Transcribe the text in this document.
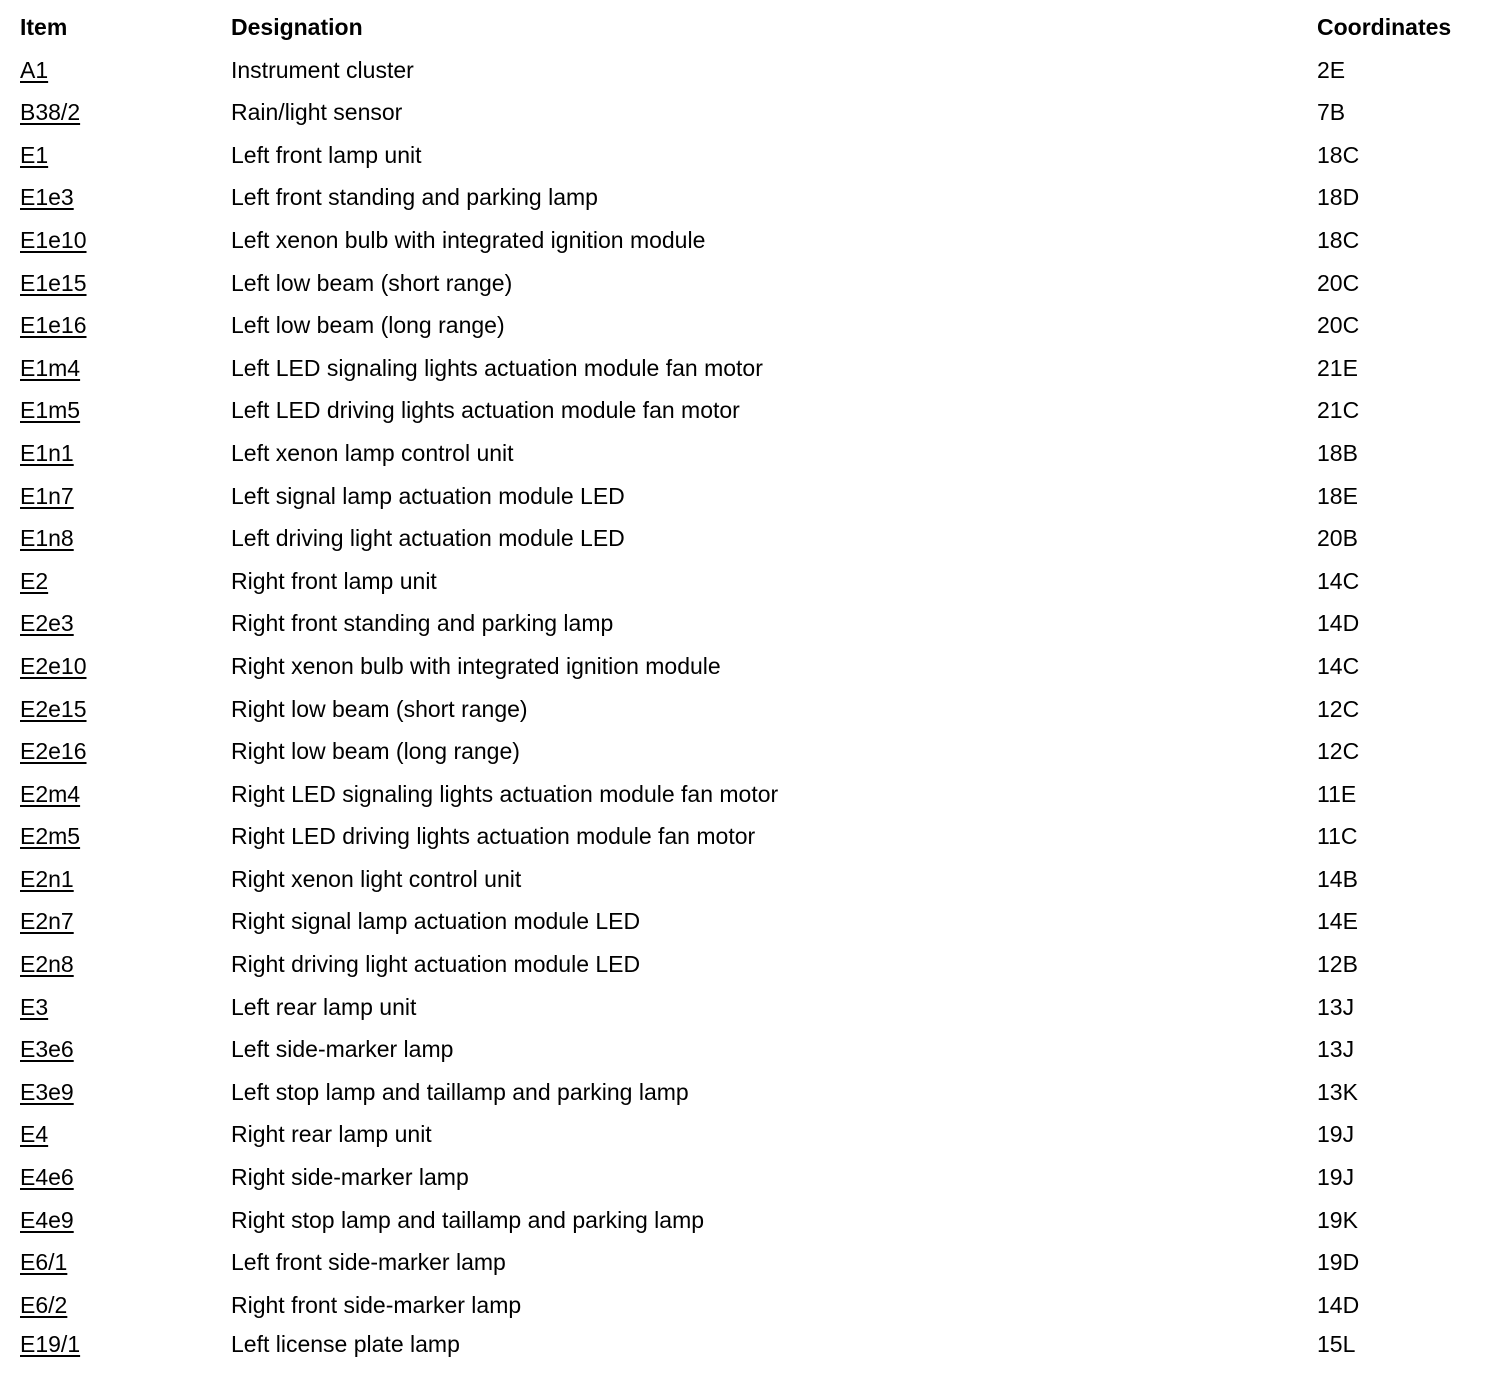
Item	Designation	Coordinates
A1	Instrument cluster	2E
B38/2	Rain/light sensor	7B
E1	Left front lamp unit	18C
E1e3	Left front standing and parking lamp	18D
E1e10	Left xenon bulb with integrated ignition module	18C
E1e15	Left low beam (short range)	20C
E1e16	Left low beam (long range)	20C
E1m4	Left LED signaling lights actuation module fan motor	21E
E1m5	Left LED driving lights actuation module fan motor	21C
E1n1	Left xenon lamp control unit	18B
E1n7	Left signal lamp actuation module LED	18E
E1n8	Left driving light actuation module LED	20B
E2	Right front lamp unit	14C
E2e3	Right front standing and parking lamp	14D
E2e10	Right xenon bulb with integrated ignition module	14C
E2e15	Right low beam (short range)	12C
E2e16	Right low beam (long range)	12C
E2m4	Right LED signaling lights actuation module fan motor	11E
E2m5	Right LED driving lights actuation module fan motor	11C
E2n1	Right xenon light control unit	14B
E2n7	Right signal lamp actuation module LED	14E
E2n8	Right driving light actuation module LED	12B
E3	Left rear lamp unit	13J
E3e6	Left side-marker lamp	13J
E3e9	Left stop lamp and taillamp and parking lamp	13K
E4	Right rear lamp unit	19J
E4e6	Right side-marker lamp	19J
E4e9	Right stop lamp and taillamp and parking lamp	19K
E6/1	Left front side-marker lamp	19D
E6/2	Right front side-marker lamp	14D
E19/1	Left license plate lamp	15L
